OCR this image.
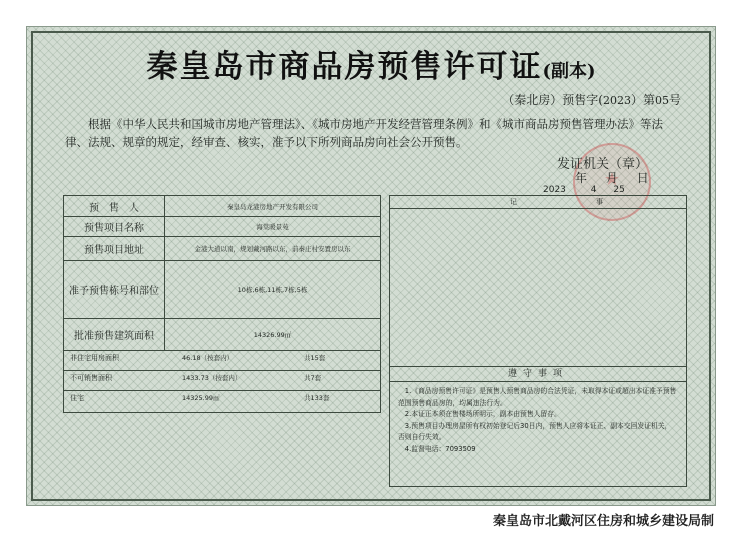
秦皇岛市商品房预售许可证(副本)
（秦北房）预售字(2023）第05号
根据《中华人民共和国城市房地产管理法》、《城市房地产开发经营管理条例》和《城市商品房预售管理办法》等法律、法规、规章的规定，经审查、核实，准予以下所列商品房向社会公开预售。
★
发证机关（章）
年　 月　 日
2023	4 25
预　售　人	秦皇岛龙港房地产开发有限公司
预售项目名称	海棠暖景苑
预售项目地址	金港大道以南，规划戴河路以东，前秦庄村安置房以东
准予预售栋号和部位	10栋,6栋,11栋,7栋,5栋
批准预售建筑面积	14326.99㎡
非住宅用房面积	46.18（按套内）	共15套
不可销售面积	1433.73（按套内）	共7套
住宅	14325.99㎡	共133套
记	事
遵守事项

1.《商品房预售许可证》是预售人预售商品房的合法凭证，未取得本证或超出本证准予预售范围预售商品房的，均属违法行为。

2.本证正本须在售楼场所明示，副本由预售人留存。

3.预售项目办理房屋所有权初始登记后30日内，预售人应将本证正、副本交回发证机关，否则自行失效。

4.监督电话：7093509

秦皇岛市北戴河区住房和城乡建设局制
